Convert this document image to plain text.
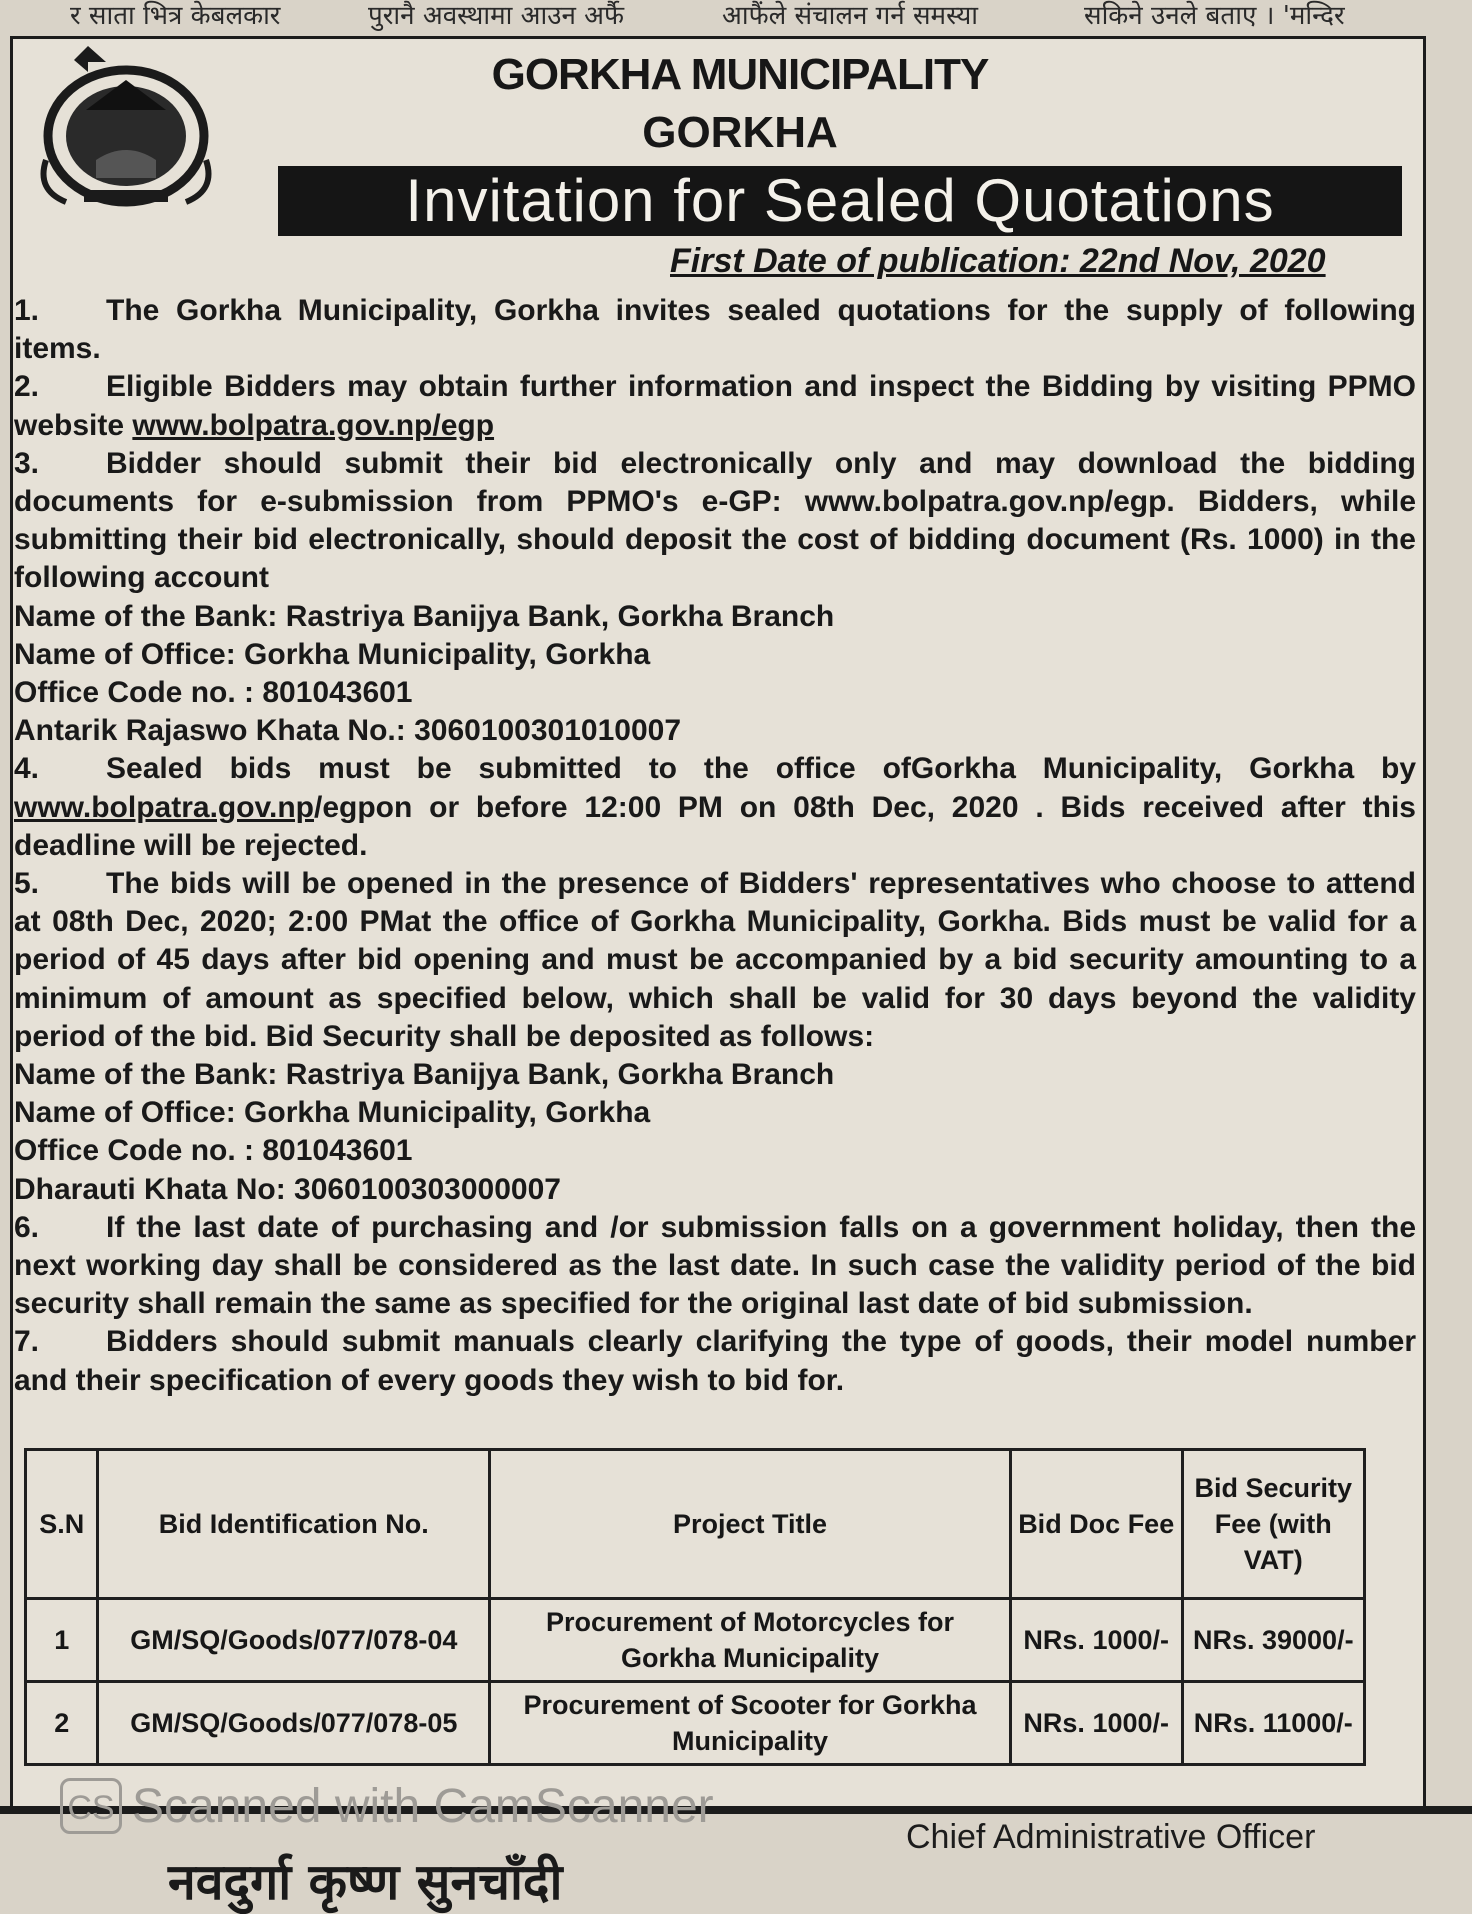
र साता भित्र केबलकार	पुरानै अवस्थामा आउन अर्फै	आफैंले संचालन गर्न समस्या	सकिने उनले बताए । 'मन्दिर
GORKHA MUNICIPALITY
GORKHA
Invitation for Sealed Quotations
First Date of publication: 22nd Nov, 2020

1. The Gorkha Municipality, Gorkha invites sealed quotations for the supply of following items.

2. Eligible Bidders may obtain further information and inspect the Bidding by visiting PPMO website www.bolpatra.gov.np/egp

3. Bidder should submit their bid electronically only and may download the bidding documents for e-submission from PPMO's e-GP: www.bolpatra.gov.np/egp. Bidders, while submitting their bid electronically, should deposit the cost of bidding document (Rs. 1000) in the following account

Name of the Bank: Rastriya Banijya Bank, Gorkha Branch

Name of Office: Gorkha Municipality, Gorkha

Office Code no. : 801043601

Antarik Rajaswo Khata No.: 3060100301010007

4. Sealed bids must be submitted to the office ofGorkha Municipality, Gorkha by www.bolpatra.gov.np/egpon or before 12:00 PM on 08th Dec, 2020 . Bids received after this deadline will be rejected.

5. The bids will be opened in the presence of Bidders' representatives who choose to attend at 08th Dec, 2020; 2:00 PMat the office of Gorkha Municipality, Gorkha. Bids must be valid for a period of 45 days after bid opening and must be accompanied by a bid security amounting to a minimum of amount as specified below, which shall be valid for 30 days beyond the validity period of the bid. Bid Security shall be deposited as follows:

Name of the Bank: Rastriya Banijya Bank, Gorkha Branch

Name of Office: Gorkha Municipality, Gorkha

Office Code no. : 801043601

Dharauti Khata No: 3060100303000007

6. If the last date of purchasing and /or submission falls on a government holiday, then the next working day shall be considered as the last date. In such case the validity period of the bid security shall remain the same as specified for the original last date of bid submission.

7. Bidders should submit manuals clearly clarifying the type of goods, their model number and their specification of every goods they wish to bid for.

S.N	Bid Identification No.	Project Title	Bid Doc Fee	Bid Security Fee (with VAT)
1	GM/SQ/Goods/077/078-04	Procurement of Motorcycles for Gorkha Municipality	NRs. 1000/-	NRs. 39000/-
2	GM/SQ/Goods/077/078-05	Procurement of Scooter for Gorkha Municipality	NRs. 1000/-	NRs. 11000/-
नवदुर्गा कृष्ण सुनचाँदी
CS Scanned with CamScanner
Chief Administrative Officer
